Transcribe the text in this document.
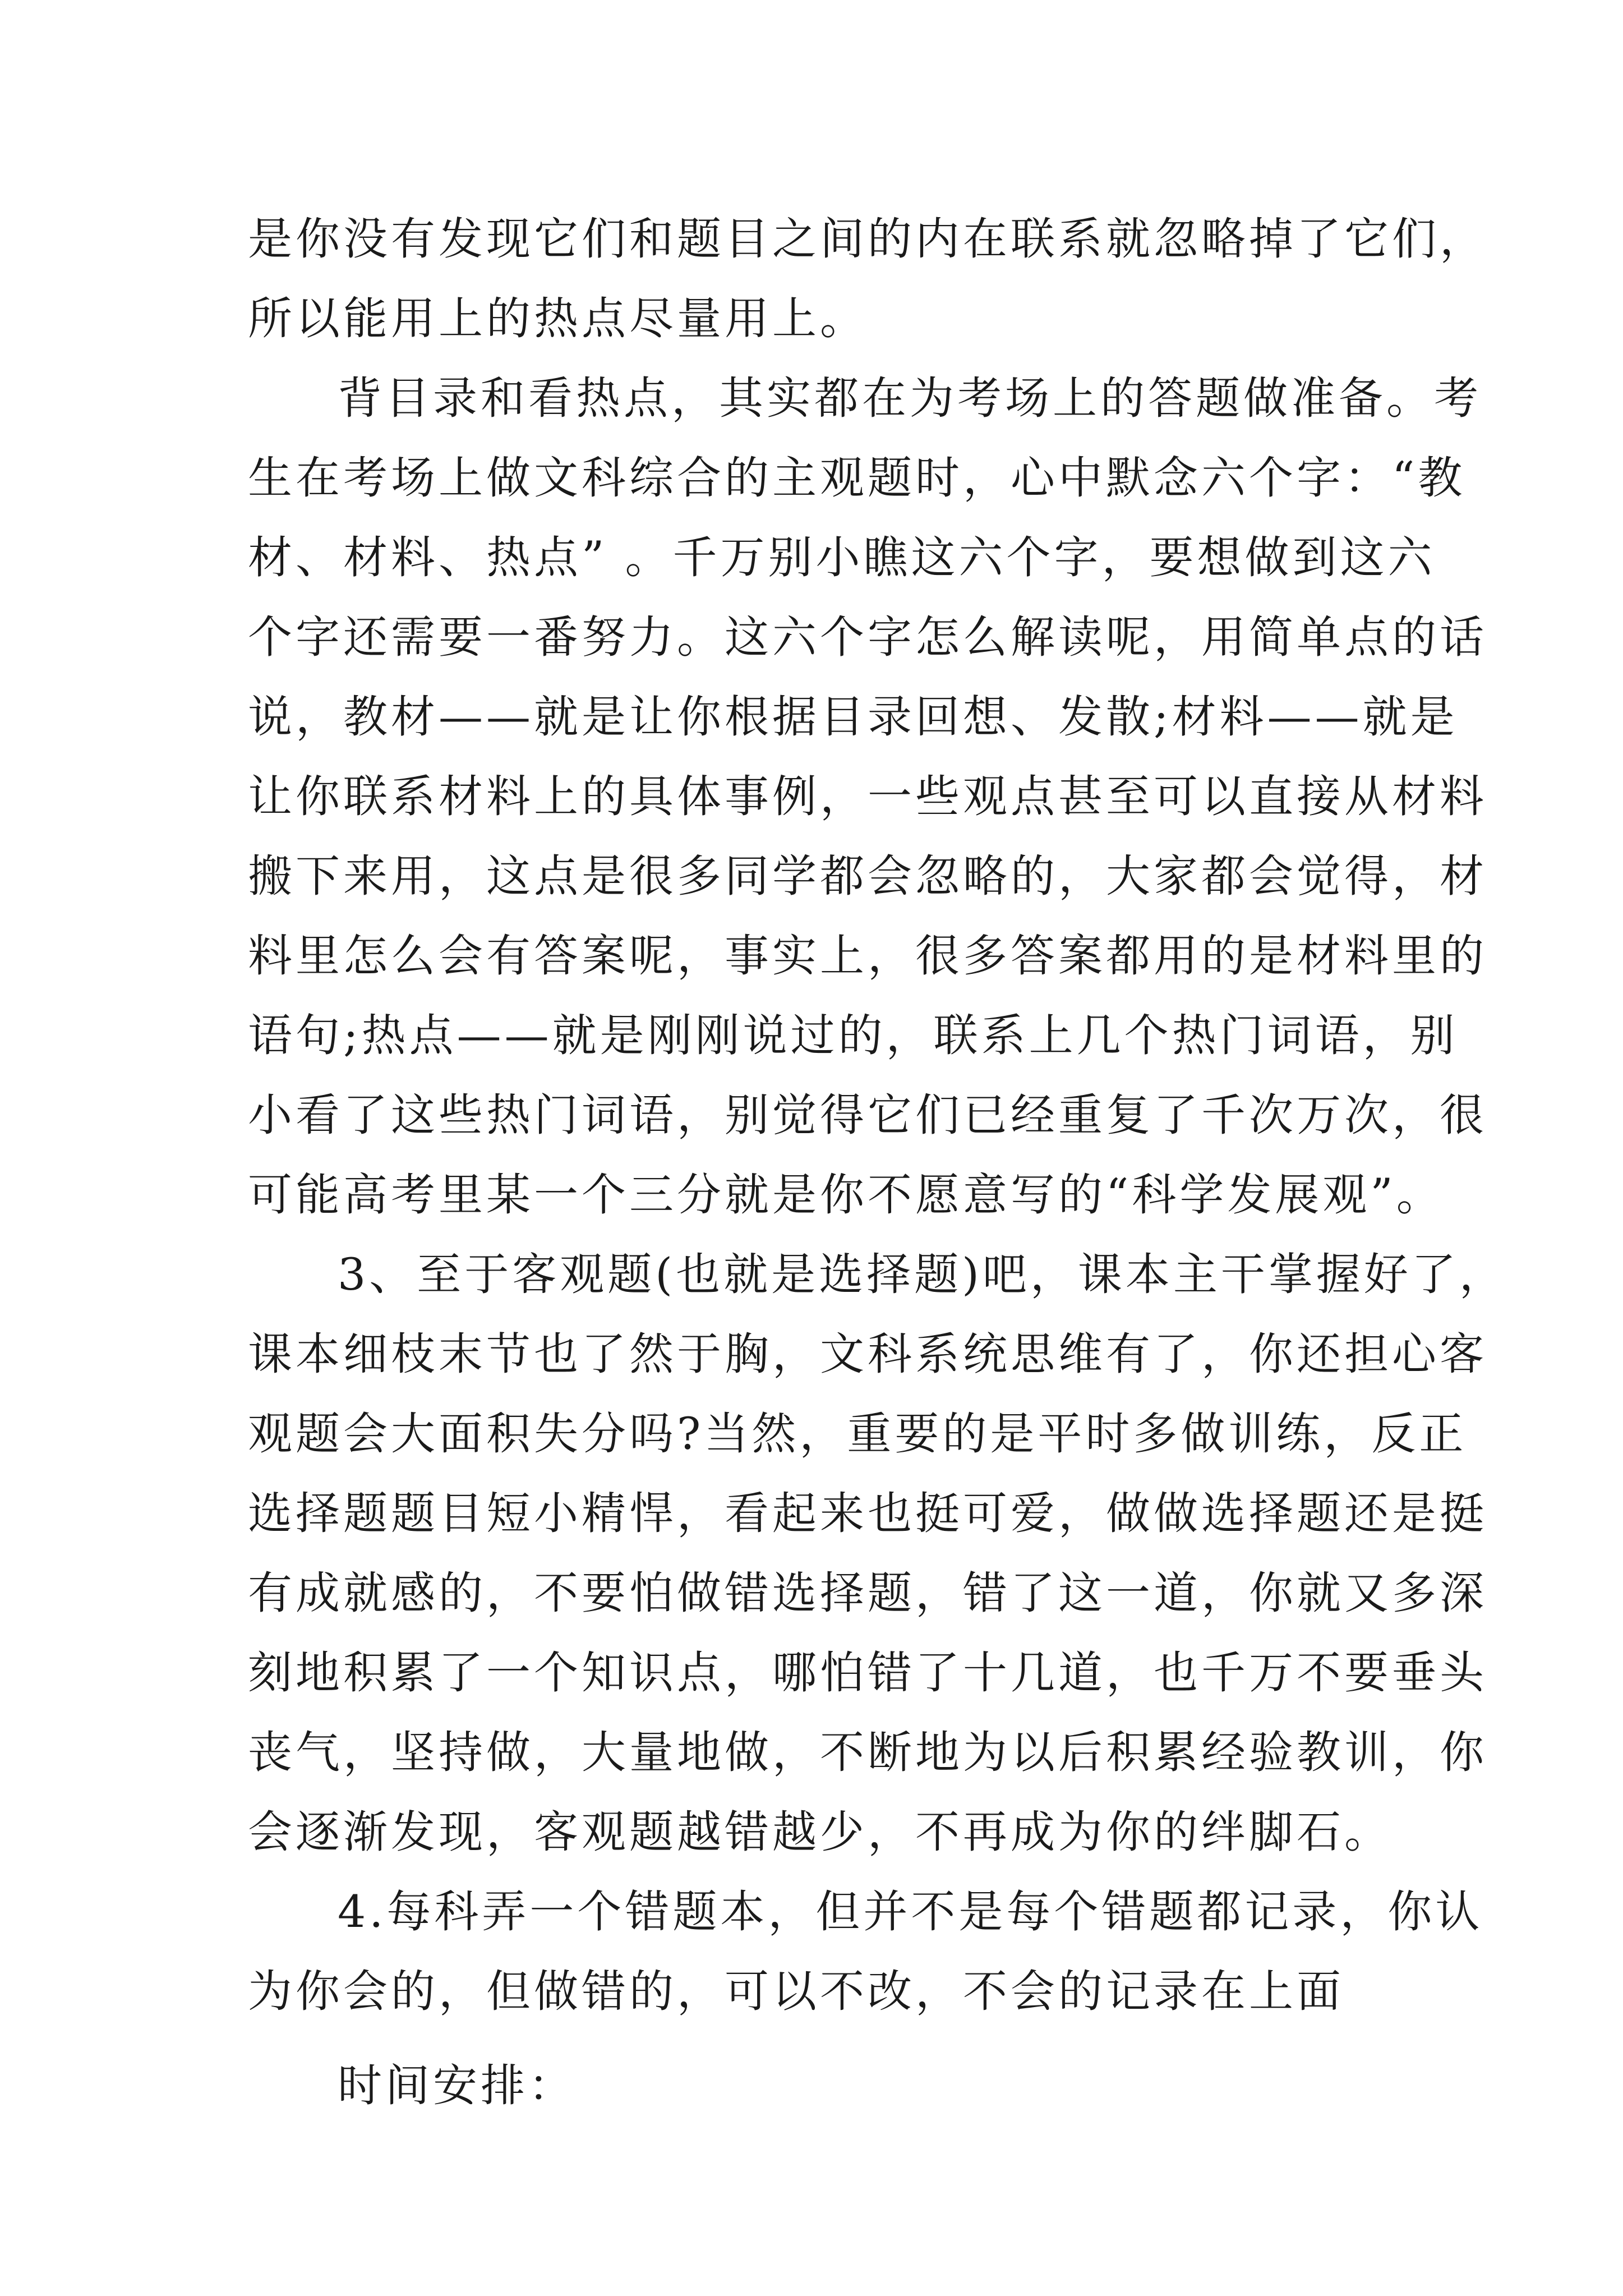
是你没有发现它们和题目之间的内在联系就忽略掉了它们，
所以能用上的热点尽量用上。
背目录和看热点，其实都在为考场上的答题做准备。考
生在考场上做文科综合的主观题时，心中默念六个字：“教
材、材料、热点” 。千万别小瞧这六个字，要想做到这六
个字还需要一番努力。这六个字怎么解读呢，用简单点的话
说，教材——就是让你根据目录回想、发散;材料——就是
让你联系材料上的具体事例，一些观点甚至可以直接从材料
搬下来用，这点是很多同学都会忽略的，大家都会觉得，材
料里怎么会有答案呢，事实上，很多答案都用的是材料里的
语句;热点——就是刚刚说过的，联系上几个热门词语，别
小看了这些热门词语，别觉得它们已经重复了千次万次，很
可能高考里某一个三分就是你不愿意写的“科学发展观”。
3、至于客观题(也就是选择题)吧，课本主干掌握好了，
课本细枝末节也了然于胸，文科系统思维有了，你还担心客
观题会大面积失分吗?当然，重要的是平时多做训练，反正
选择题题目短小精悍，看起来也挺可爱，做做选择题还是挺
有成就感的，不要怕做错选择题，错了这一道，你就又多深
刻地积累了一个知识点，哪怕错了十几道，也千万不要垂头
丧气，坚持做，大量地做，不断地为以后积累经验教训，你
会逐渐发现，客观题越错越少，不再成为你的绊脚石。
4.每科弄一个错题本，但并不是每个错题都记录，你认
为你会的，但做错的，可以不改，不会的记录在上面
时间安排：
